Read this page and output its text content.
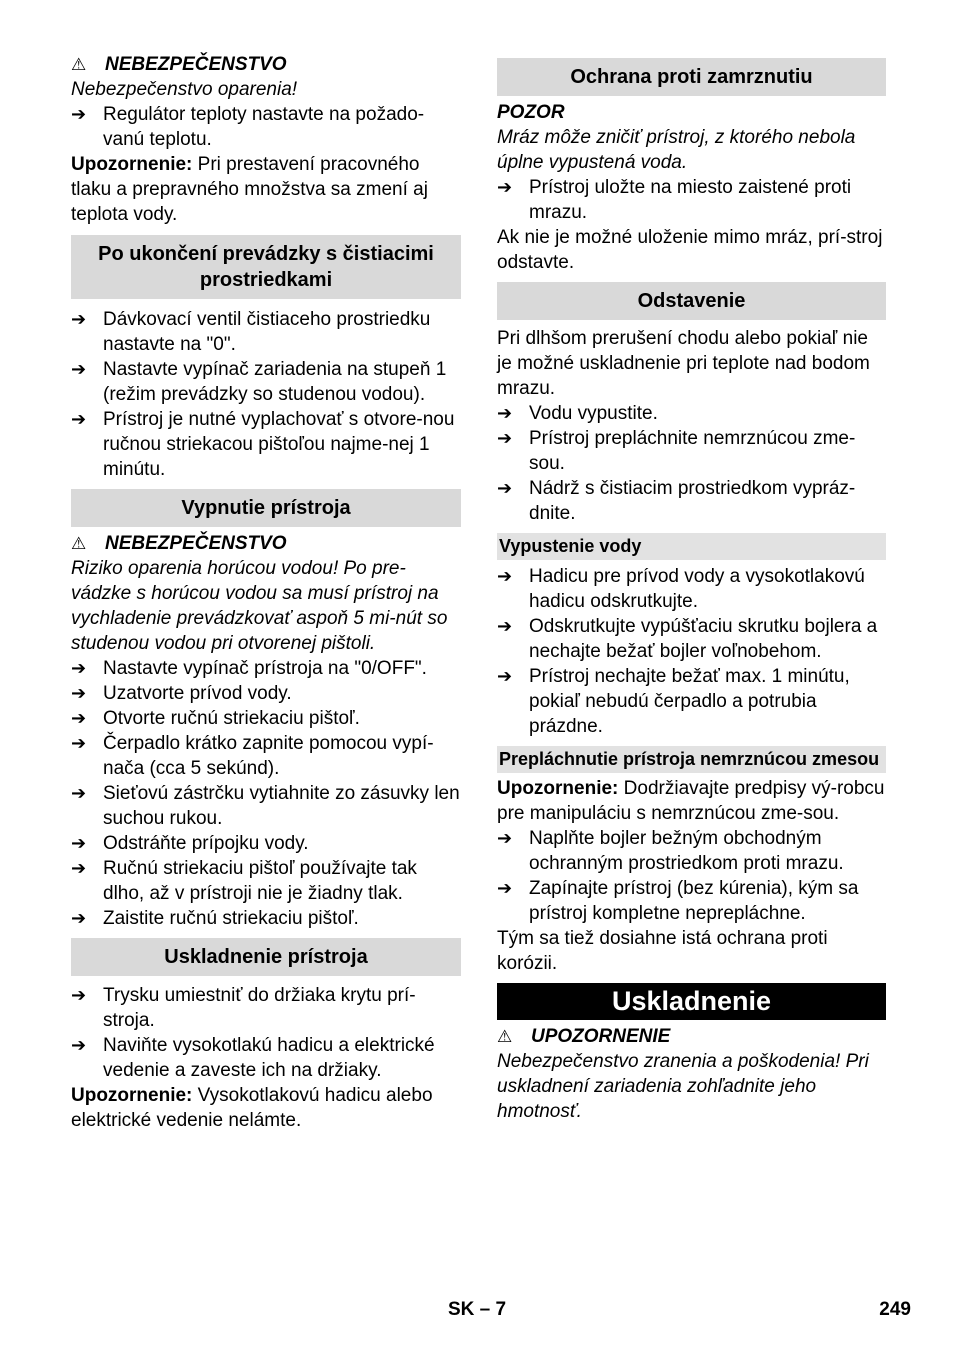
⚠ NEBEZPEČENSTVO

Nebezpečenstvo oparenia!

➔ Regulátor teploty nastavte na požado-vanú teplotu.

Upozornenie: Pri prestavení pracovného tlaku a prepravného množstva sa zmení aj teplota vody.

Po ukončení prevádzky s čistiacimi prostriedkami
➔ Dávkovací ventil čistiaceho prostriedku nastavte na "0".
➔ Nastavte vypínač zariadenia na stupeň 1 (režim prevádzky so studenou vodou).
➔ Prístroj je nutné vyplachovať s otvore-nou ručnou striekacou pištoľou najme-nej 1 minútu.
Vypnutie prístroja
⚠ NEBEZPEČENSTVO

Riziko oparenia horúcou vodou! Po pre-vádzke s horúcou vodou sa musí prístroj na vychladenie prevádzkovať aspoň 5 mi-nút so studenou vodou pri otvorenej pištoli.

➔ Nastavte vypínač prístroja na "0/OFF".
➔ Uzatvorte prívod vody.
➔ Otvorte ručnú striekaciu pištoľ.
➔ Čerpadlo krátko zapnite pomocou vypí-nača (cca 5 sekúnd).
➔ Sieťovú zástrčku vytiahnite zo zásuvky len suchou rukou.
➔ Odstráňte prípojku vody.
➔ Ručnú striekaciu pištoľ používajte tak dlho, až v prístroji nie je žiadny tlak.
➔ Zaistite ručnú striekaciu pištoľ.
Uskladnenie prístroja
➔ Trysku umiestniť do držiaka krytu prí-stroja.
➔ Naviňte vysokotlakú hadicu a elektrické vedenie a zaveste ich na držiaky.

Upozornenie: Vysokotlakovú hadicu alebo elektrické vedenie nelámte.

Ochrana proti zamrznutiu

POZOR

Mráz môže zničiť prístroj, z ktorého nebola úplne vypustená voda.

➔ Prístroj uložte na miesto zaistené proti mrazu.

Ak nie je možné uloženie mimo mráz, prí-stroj odstavte.

Odstavenie

Pri dlhšom prerušení chodu alebo pokiaľ nie je možné uskladnenie pri teplote nad bodom mrazu.

➔ Vodu vypustite.
➔ Prístroj prepláchnite nemrznúcou zme-sou.
➔ Nádrž s čistiacim prostriedkom vypráz-dnite.
Vypustenie vody
➔ Hadicu pre prívod vody a vysokotlakovú hadicu odskrutkujte.
➔ Odskrutkujte vypúšťaciu skrutku bojlera a nechajte bežať bojler voľnobehom.
➔ Prístroj nechajte bežať max. 1 minútu, pokiaľ nebudú čerpadlo a potrubia prázdne.
Prepláchnutie prístroja nemrznúcou zmesou

Upozornenie: Dodržiavajte predpisy vý-robcu pre manipuláciu s nemrznúcou zme-sou.

➔ Naplňte bojler bežným obchodným ochranným prostriedkom proti mrazu.
➔ Zapínajte prístroj (bez kúrenia), kým sa prístroj kompletne neprepláchne.

Tým sa tiež dosiahne istá ochrana proti korózii.

Uskladnenie
⚠ UPOZORNENIE

Nebezpečenstvo zranenia a poškodenia! Pri uskladnení zariadenia zohľadnite jeho hmotnosť.

SK – 7	249
